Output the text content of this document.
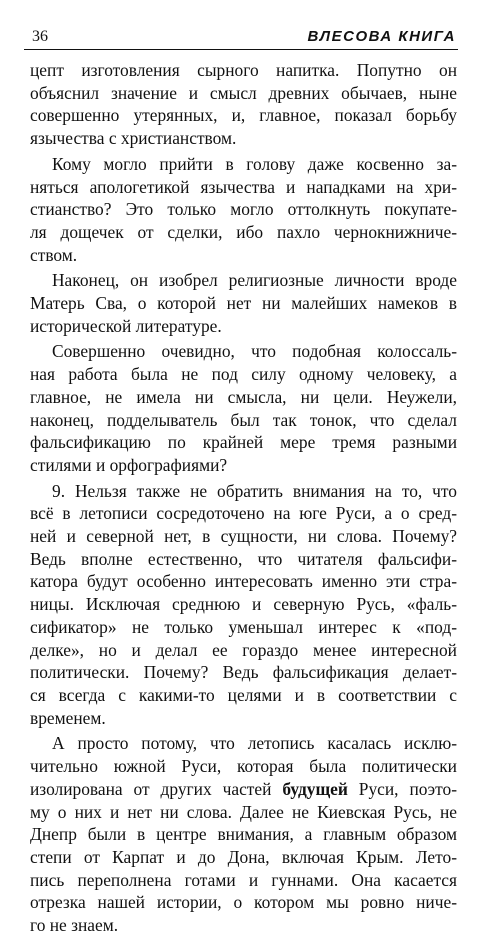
36	ВЛЕСОВА КНИГА
цепт изготовления сырного напитка. Попутно он
объяснил значение и смысл древних обычаев, ныне
совершенно утерянных, и, главное, показал борьбу
язычества с христианством.
Кому могло прийти в голову даже косвенно за-
няться апологетикой язычества и нападками на хри-
стианство? Это только могло оттолкнуть покупате-
ля дощечек от сделки, ибо пахло чернокнижниче-
ством.
Наконец, он изобрел религиозные личности вроде
Матерь Сва, о которой нет ни малейших намеков в
исторической литературе.
Совершенно очевидно, что подобная колоссаль-
ная работа была не под силу одному человеку, а
главное, не имела ни смысла, ни цели. Неужели,
наконец, подделыватель был так тонок, что сделал
фальсификацию по крайней мере тремя разными
стилями и орфографиями?
9. Нельзя также не обратить внимания на то, что
всё в летописи сосредоточено на юге Руси, а о сред-
ней и северной нет, в сущности, ни слова. Почему?
Ведь вполне естественно, что читателя фальсифи-
катора будут особенно интересовать именно эти стра-
ницы. Исключая среднюю и северную Русь, «фаль-
сификатор» не только уменьшал интерес к «под-
делке», но и делал ее гораздо менее интересной
политически. Почему? Ведь фальсификация делает-
ся всегда с какими-то целями и в соответствии с
временем.
А просто потому, что летопись касалась исклю-
чительно южной Руси, которая была политически
изолирована от других частей будущей Руси, поэто-
му о них и нет ни слова. Далее не Киевская Русь, не
Днепр были в центре внимания, а главным образом
степи от Карпат и до Дона, включая Крым. Лето-
пись переполнена готами и гуннами. Она касается
отрезка нашей истории, о котором мы ровно ниче-
го не знаем.
